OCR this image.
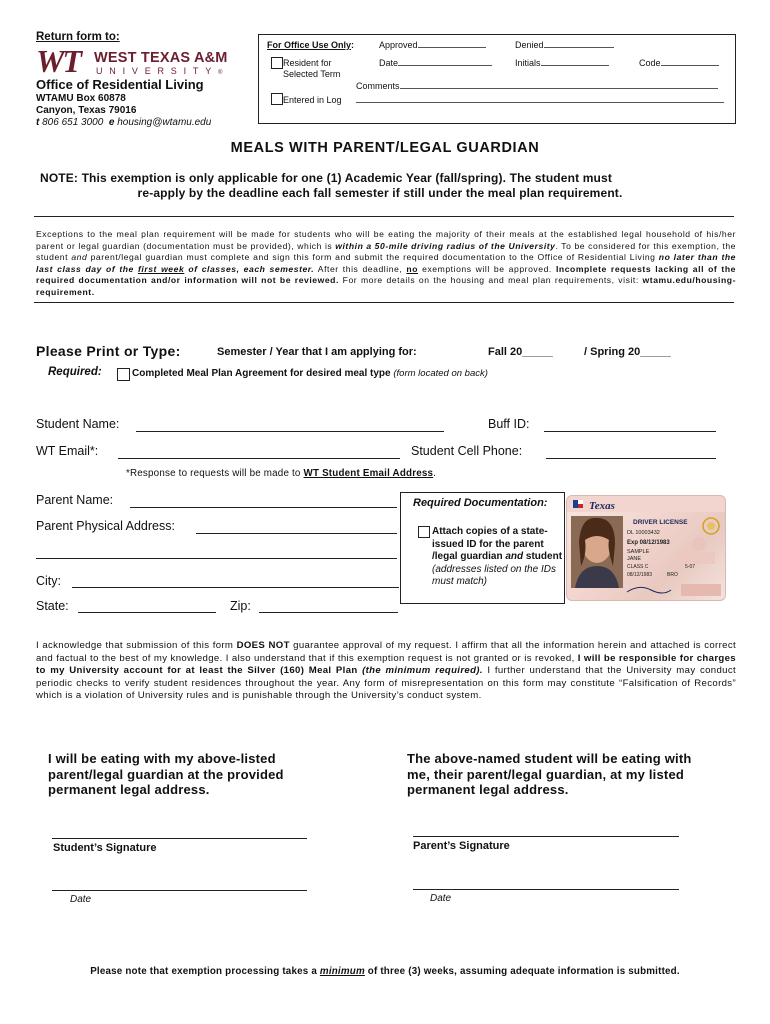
Return form to:
WT WEST TEXAS A&M
UNIVERSITY®
Office of Residential Living
WTAMU Box 60878
Canyon, Texas 79016
t 806 651 3000 e housing@wtamu.edu
For Office Use Only:
Resident for
Selected Term
Entered in Log
Approved	Denied
Date	Initials	Code
Comments
MEALS WITH PARENT/LEGAL GUARDIAN
NOTE: This exemption is only applicable for one (1) Academic Year (fall/spring). The student must
re-apply by the deadline each fall semester if still under the meal plan requirement.
Exceptions to the meal plan requirement will be made for students who will be eating the majority of their meals at the established legal household of his/her parent or legal guardian (documentation must be provided), which is within a 50-mile driving radius of the University. To be considered for this exemption, the student and parent/legal guardian must complete and sign this form and submit the required documentation to the Office of Residential Living no later than the last class day of the first week of classes, each semester. After this deadline, no exemptions will be approved. Incomplete requests lacking all of the required documentation and/or information will not be reviewed. For more details on the housing and meal plan requirements, visit: wtamu.edu/housing-requirement.
Please Print or Type:	Semester / Year that I am applying for:	Fall 20_____	/ Spring 20_____
Required:	Completed Meal Plan Agreement for desired meal type (form located on back)
Student Name:	Buff ID:
WT Email*:	Student Cell Phone:
*Response to requests will be made to WT Student Email Address.
Parent Name:
Parent Physical Address:
City:
State:	Zip:
Required Documentation:
Attach copies of a state-issued ID for the parent /legal guardian and student (addresses listed on the IDs must match)
Texas
DRIVER LICENSE
DL 10003432
Exp 08/12/1983
SAMPLE
JANE
CLASS C
08/12/1983	BRO
5-07
I acknowledge that submission of this form DOES NOT guarantee approval of my request. I affirm that all the information herein and attached is correct and factual to the best of my knowledge. I also understand that if this exemption request is not granted or is revoked, I will be responsible for charges to my University account for at least the Silver (160) Meal Plan (the minimum required). I further understand that the University may conduct periodic checks to verify student residences throughout the year. Any form of misrepresentation on this form may constitute “Falsification of Records” which is a violation of University rules and is punishable through the University’s conduct system.
I will be eating with my above-listed parent/legal guardian at the provided permanent legal address.
The above-named student will be eating with me, their parent/legal guardian, at my listed permanent legal address.
Student’s Signature	Parent’s Signature
Date	Date
Please note that exemption processing takes a minimum of three (3) weeks, assuming adequate information is submitted.
